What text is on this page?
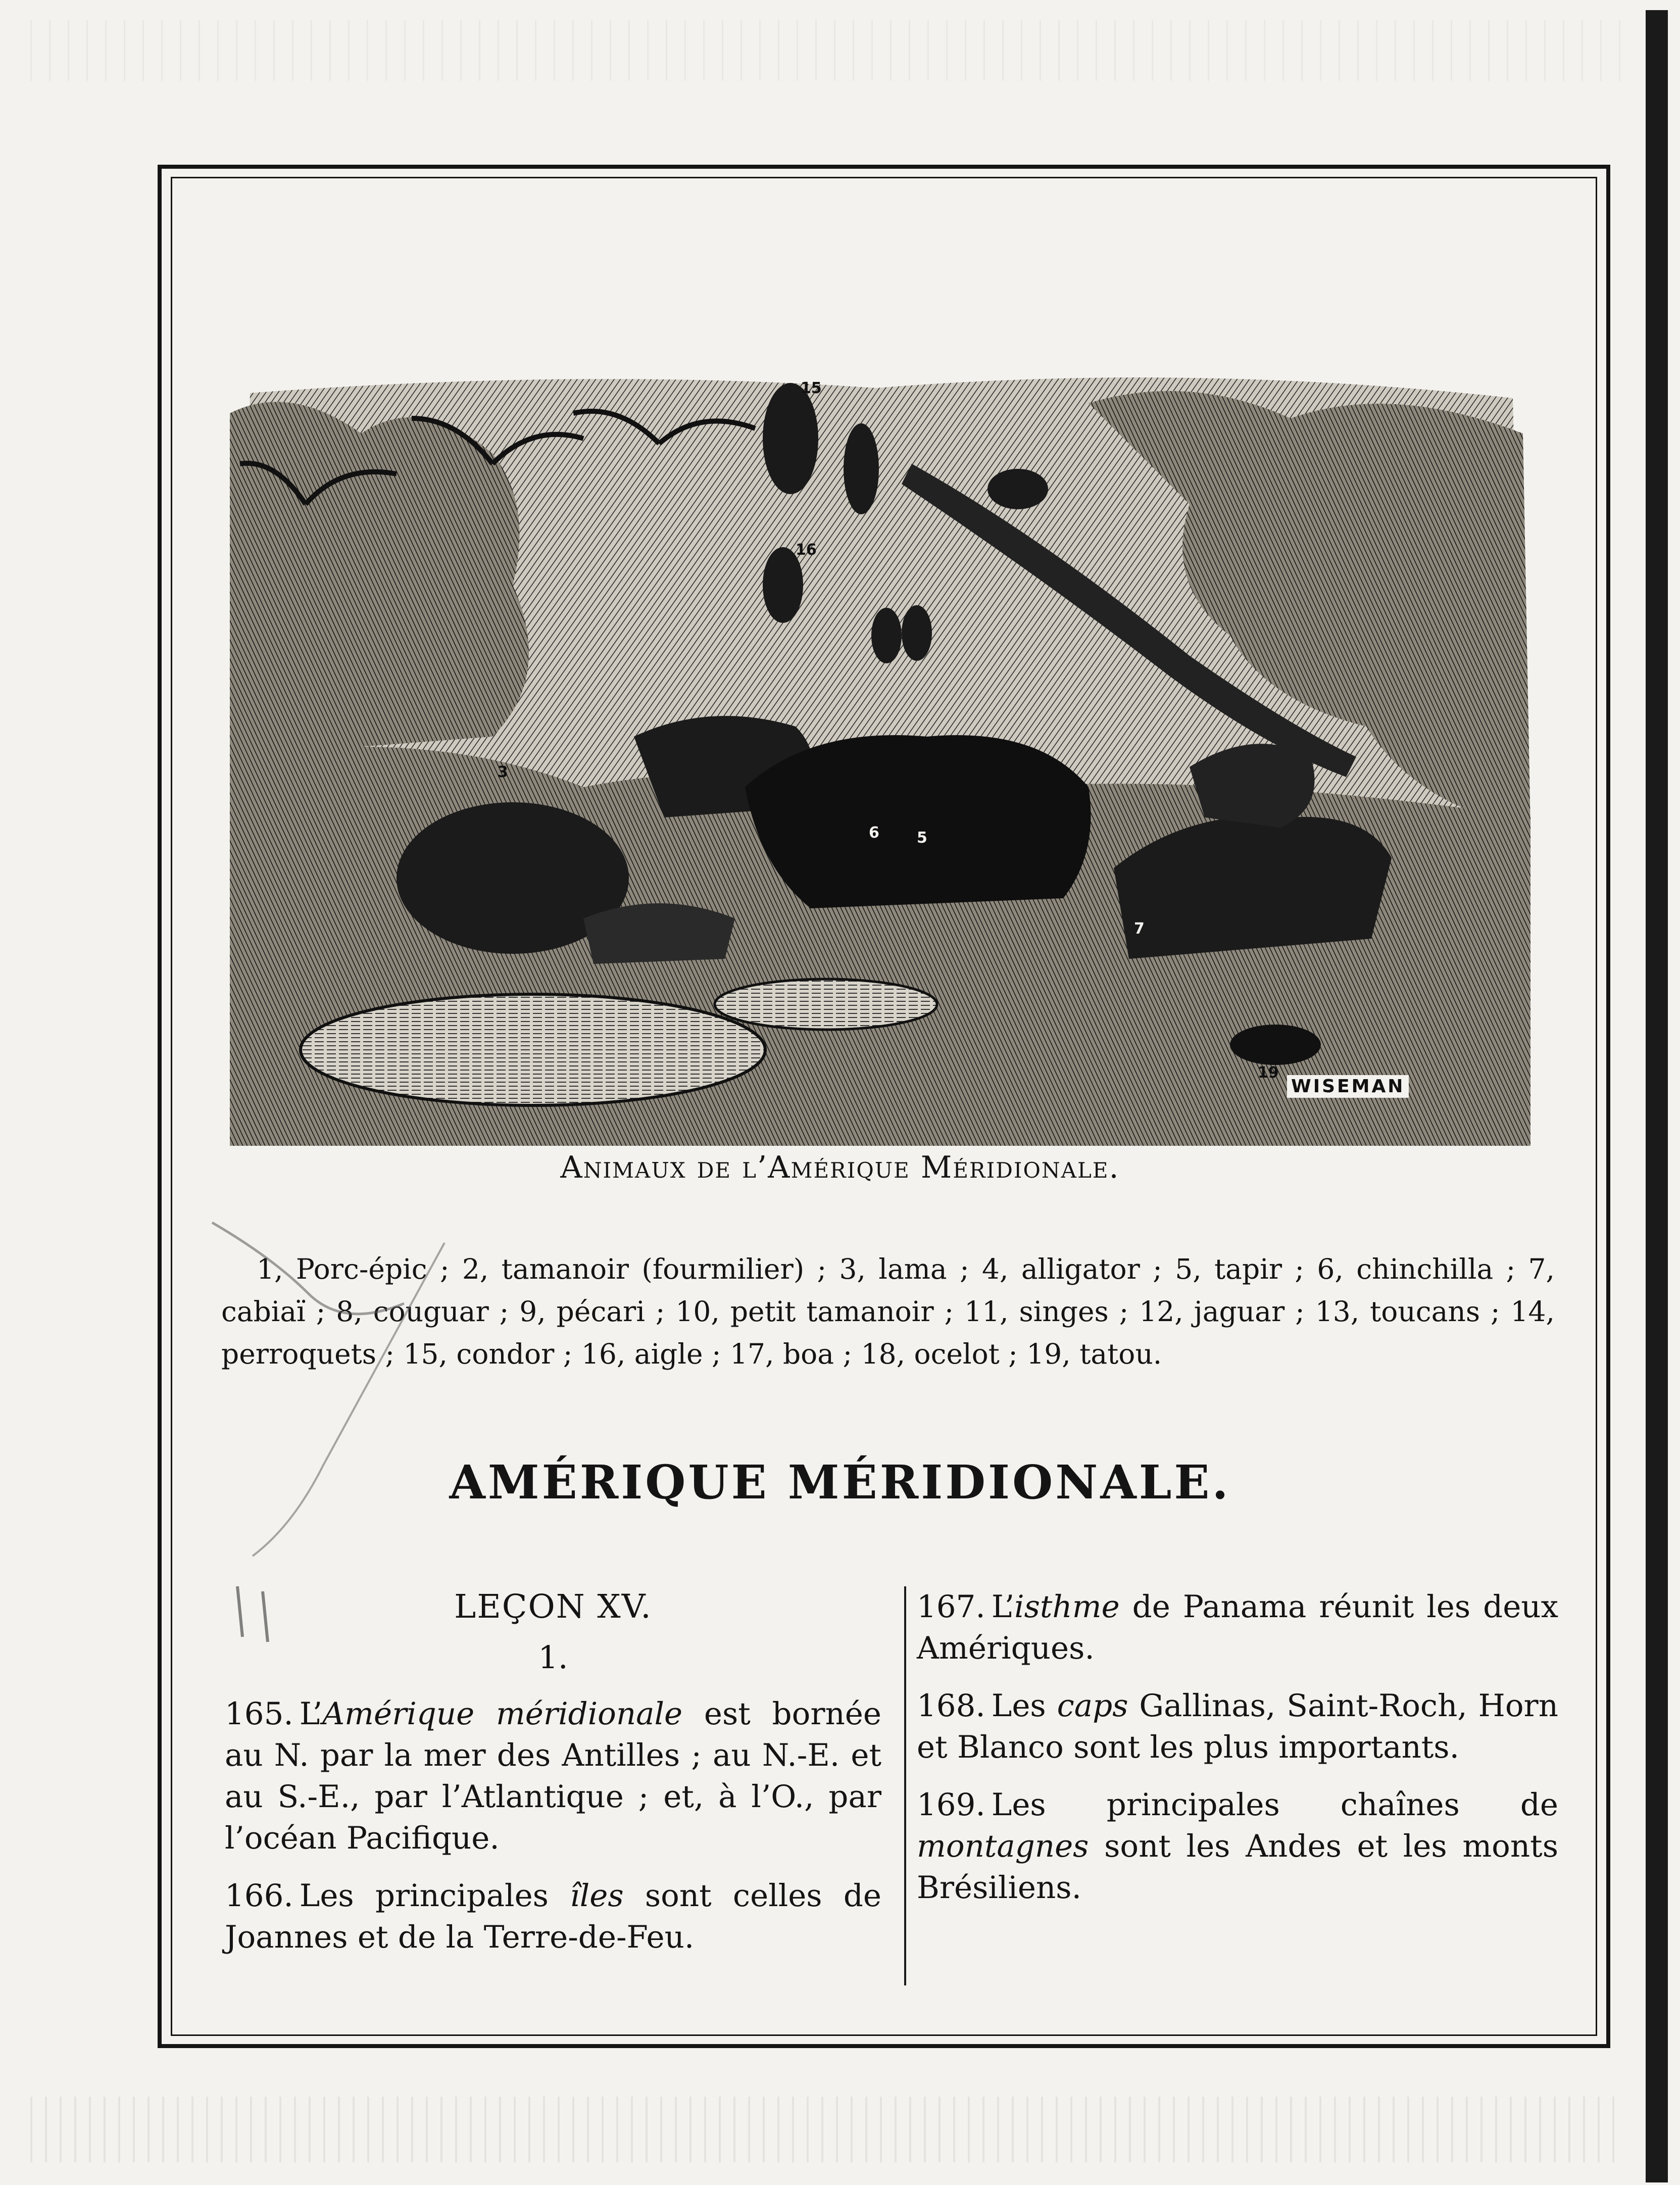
3
5
6
7
15
16
19
WISEMAN
Animaux de l’Amérique Méridionale.

1, Porc-épic ; 2, tamanoir (fourmilier) ; 3, lama ; 4, alligator ; 5, tapir ; 6, chinchilla ; 7, cabiaï ; 8, couguar ; 9, pécari ; 10, petit tamanoir ; 11, singes ; 12, jaguar ; 13, toucans ; 14, perroquets ; 15, condor ; 16, aigle ; 17, boa ; 18, ocelot ; 19, tatou.

AMÉRIQUE MÉRIDIONALE.
LEÇON XV.
1.

165. L’Amérique méridionale est bornée au N. par la mer des Antilles ; au N.-E. et au S.-E., par l’Atlantique ; et, à l’O., par l’océan Pacifique.

166. Les principales îles sont celles de Joannes et de la Terre-de-Feu.

167. L’isthme de Panama réunit les deux Amériques.

168. Les caps Gallinas, Saint-Roch, Horn et Blanco sont les plus importants.

169. Les principales chaînes de montagnes sont les Andes et les monts Brésiliens.
